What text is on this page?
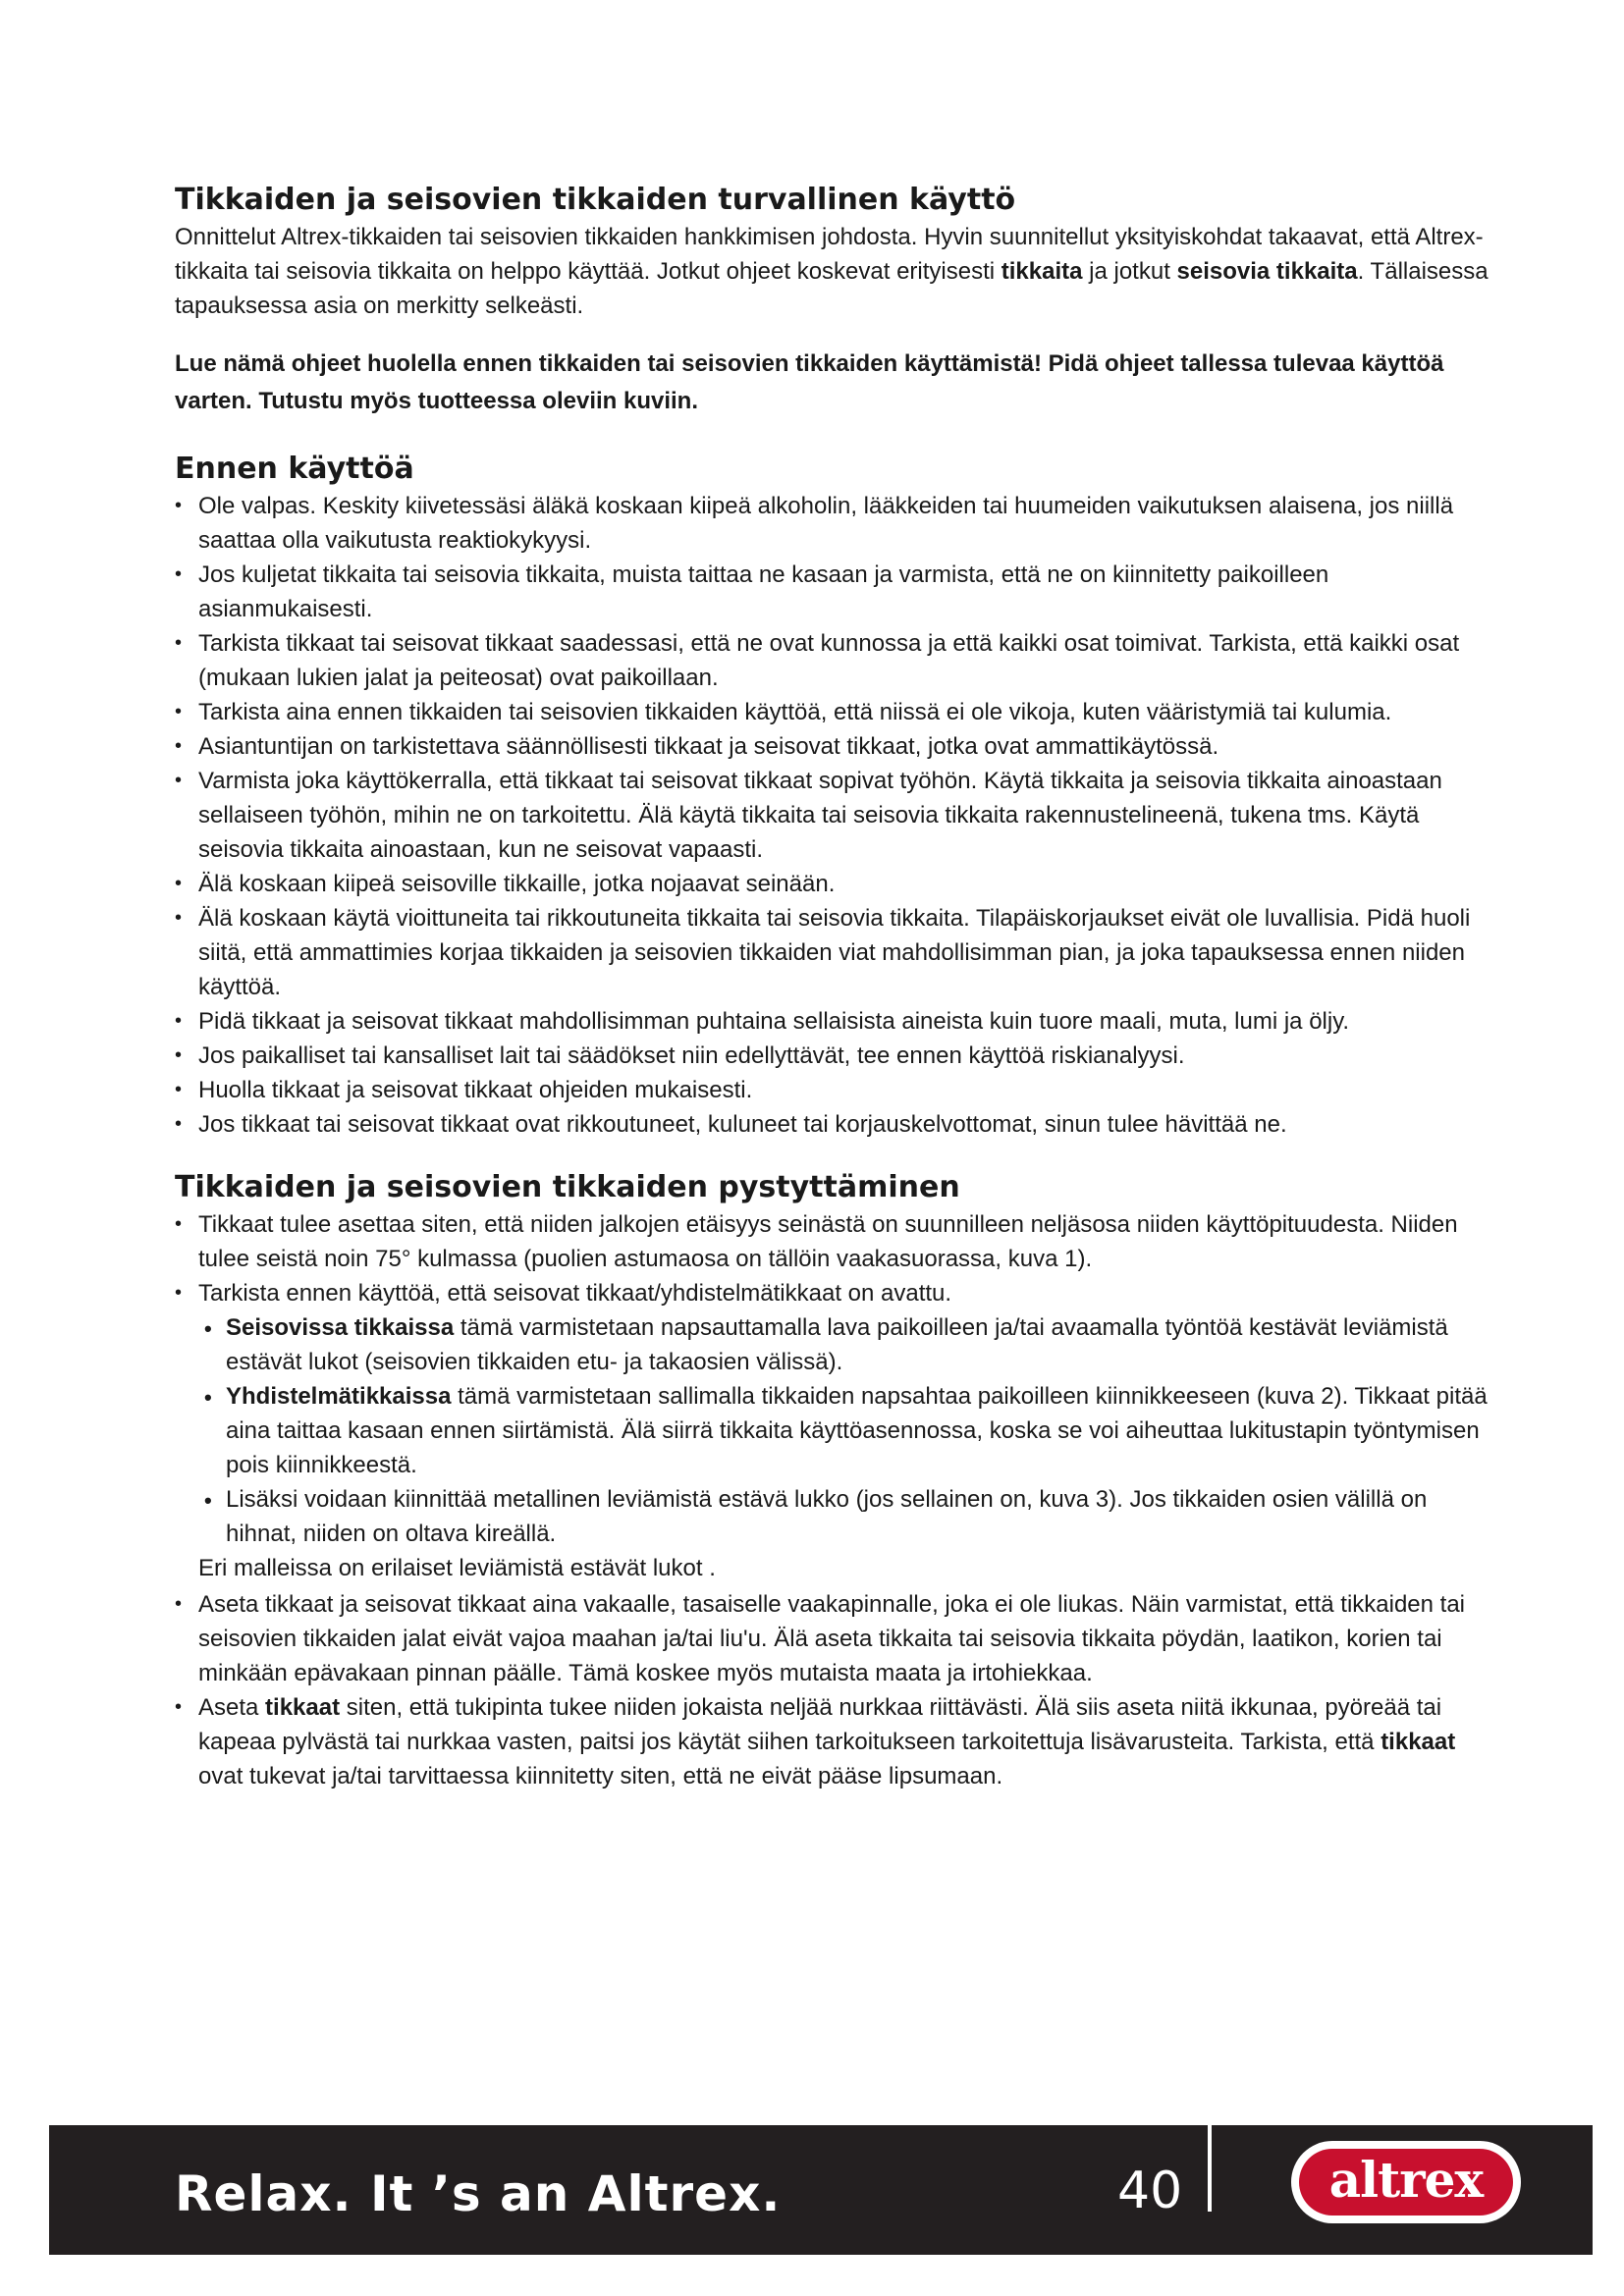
Tikkaiden ja seisovien tikkaiden turvallinen käyttö

Onnittelut Altrex-tikkaiden tai seisovien tikkaiden hankkimisen johdosta. Hyvin suunnitellut yksityiskohdat takaavat, että Altrex-tikkaita tai seisovia tikkaita on helppo käyttää. Jotkut ohjeet koskevat erityisesti tikkaita ja jotkut seisovia tikkaita. Tällaisessa tapauksessa asia on merkitty selkeästi.

Lue nämä ohjeet huolella ennen tikkaiden tai seisovien tikkaiden käyttämistä! Pidä ohjeet tallessa tulevaa käyttöä varten. Tutustu myös tuotteessa oleviin kuviin.

Ennen käyttöä
• Ole valpas. Keskity kiivetessäsi äläkä koskaan kiipeä alkoholin, lääkkeiden tai huumeiden vaikutuksen alaisena, jos niillä saattaa olla vaikutusta reaktiokykyysi.
• Jos kuljetat tikkaita tai seisovia tikkaita, muista taittaa ne kasaan ja varmista, että ne on kiinnitetty paikoilleen asianmukaisesti.
• Tarkista tikkaat tai seisovat tikkaat saadessasi, että ne ovat kunnossa ja että kaikki osat toimivat. Tarkista, että kaikki osat (mukaan lukien jalat ja peiteosat) ovat paikoillaan.
• Tarkista aina ennen tikkaiden tai seisovien tikkaiden käyttöä, että niissä ei ole vikoja, kuten vääristymiä tai kulumia.
• Asiantuntijan on tarkistettava säännöllisesti tikkaat ja seisovat tikkaat, jotka ovat ammattikäytössä.
• Varmista joka käyttökerralla, että tikkaat tai seisovat tikkaat sopivat työhön. Käytä tikkaita ja seisovia tikkaita ainoastaan sellaiseen työhön, mihin ne on tarkoitettu. Älä käytä tikkaita tai seisovia tikkaita rakennustelineenä, tukena tms. Käytä seisovia tikkaita ainoastaan, kun ne seisovat vapaasti.
• Älä koskaan kiipeä seisoville tikkaille, jotka nojaavat seinään.
• Älä koskaan käytä vioittuneita tai rikkoutuneita tikkaita tai seisovia tikkaita. Tilapäiskorjaukset eivät ole luvallisia. Pidä huoli siitä, että ammattimies korjaa tikkaiden ja seisovien tikkaiden viat mahdollisimman pian, ja joka tapauksessa ennen niiden käyttöä.
• Pidä tikkaat ja seisovat tikkaat mahdollisimman puhtaina sellaisista aineista kuin tuore maali, muta, lumi ja öljy.
• Jos paikalliset tai kansalliset lait tai säädökset niin edellyttävät, tee ennen käyttöä riskianalyysi.
• Huolla tikkaat ja seisovat tikkaat ohjeiden mukaisesti.
• Jos tikkaat tai seisovat tikkaat ovat rikkoutuneet, kuluneet tai korjauskelvottomat, sinun tulee hävittää ne.
Tikkaiden ja seisovien tikkaiden pystyttäminen
• Tikkaat tulee asettaa siten, että niiden jalkojen etäisyys seinästä on suunnilleen neljäsosa niiden käyttöpituudesta. Niiden tulee seistä noin 75° kulmassa (puolien astumaosa on tällöin vaakasuorassa, kuva 1).
• Tarkista ennen käyttöä, että seisovat tikkaat/yhdistelmätikkaat on avattu.
• Seisovissa tikkaissa tämä varmistetaan napsauttamalla lava paikoilleen ja/tai avaamalla työntöä kestävät leviämistä estävät lukot (seisovien tikkaiden etu- ja takaosien välissä).
• Yhdistelmätikkaissa tämä varmistetaan sallimalla tikkaiden napsahtaa paikoilleen kiinnikkeeseen (kuva 2). Tikkaat pitää aina taittaa kasaan ennen siirtämistä. Älä siirrä tikkaita käyttöasennossa, koska se voi aiheuttaa lukitustapin työntymisen pois kiinnikkeestä.
• Lisäksi voidaan kiinnittää metallinen leviämistä estävä lukko (jos sellainen on, kuva 3). Jos tikkaiden osien välillä on hihnat, niiden on oltava kireällä.

Eri malleissa on erilaiset leviämistä estävät lukot .

• Aseta tikkaat ja seisovat tikkaat aina vakaalle, tasaiselle vaakapinnalle, joka ei ole liukas. Näin varmistat, että tikkaiden tai seisovien tikkaiden jalat eivät vajoa maahan ja/tai liu'u. Älä aseta tikkaita tai seisovia tikkaita pöydän, laatikon, korien tai minkään epävakaan pinnan päälle. Tämä koskee myös mutaista maata ja irtohiekkaa.
• Aseta tikkaat siten, että tukipinta tukee niiden jokaista neljää nurkkaa riittävästi. Älä siis aseta niitä ikkunaa, pyöreää tai kapeaa pylvästä tai nurkkaa vasten, paitsi jos käytät siihen tarkoitukseen tarkoitettuja lisävarusteita. Tarkista, että tikkaat ovat tukevat ja/tai tarvittaessa kiinnitetty siten, että ne eivät pääse lipsumaan.
Relax. It ’s an Altrex.	40	altrex
